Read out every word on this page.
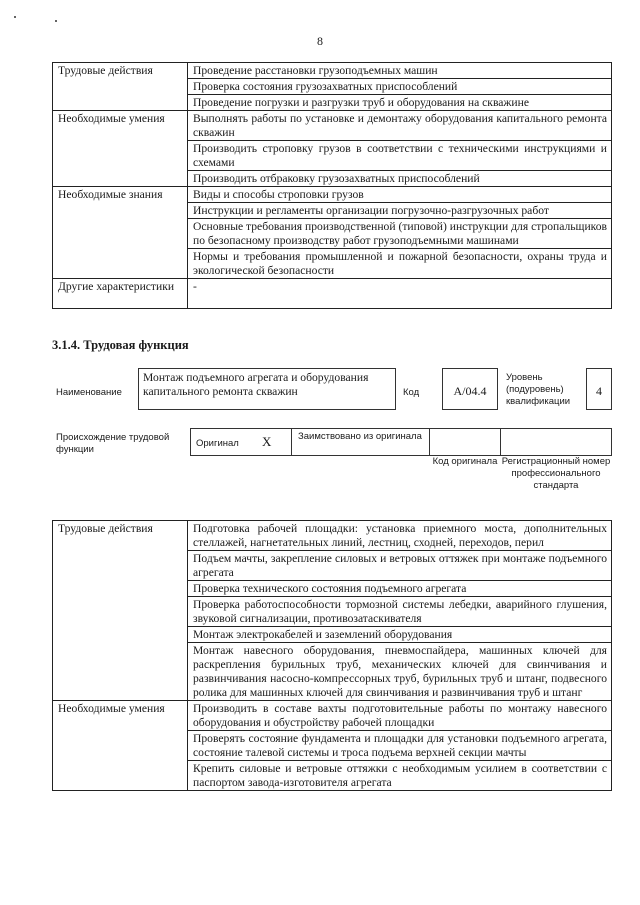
8
Трудовые действия	Проведение расстановки грузоподъемных машин
	Проверка состояния грузозахватных приспособлений
	Проведение погрузки и разгрузки труб и оборудования на скважине
Необходимые умения	Выполнять работы по установке и демонтажу оборудования капитального ремонта скважин
	Производить строповку грузов в соответствии с техническими инструкциями и схемами
	Производить отбраковку грузозахватных приспособлений
Необходимые знания	Виды и способы строповки грузов
	Инструкции и регламенты организации погрузочно-разгрузочных работ
	Основные требования производственной (типовой) инструкции для стропальщиков по безопасному производству работ грузоподъемными машинами
	Нормы и требования промышленной и пожарной безопасности, охраны труда и экологической безопасности
Другие характеристики	-
3.1.4. Трудовая функция
Наименование
Монтаж подъемного агрегата и оборудования капитального ремонта скважин	Код	A/04.4
Уровень (подуровень) квалификации
4
Происхождение трудовой функции
Оригинал X	Заимствовано из оригинала
Код оригинала Регистрационный номер профессионального стандарта
Трудовые действия	Подготовка рабочей площадки: установка приемного моста, дополнительных стеллажей, нагнетательных линий, лестниц, сходней, переходов, перил
	Подъем мачты, закрепление силовых и ветровых оттяжек при монтаже подъемного агрегата
	Проверка технического состояния подъемного агрегата
	Проверка работоспособности тормозной системы лебедки, аварийного глушения, звуковой сигнализации, противозатаскивателя
	Монтаж электрокабелей и заземлений оборудования
	Монтаж навесного оборудования, пневмоспайдера, машинных ключей для раскрепления бурильных труб, механических ключей для свинчивания и развинчивания насосно-компрессорных труб, бурильных труб и штанг, подвесного ролика для машинных ключей для свинчивания и развинчивания труб и штанг
Необходимые умения	Производить в составе вахты подготовительные работы по монтажу навесного оборудования и обустройству рабочей площадки
	Проверять состояние фундамента и площадки для установки подъемного агрегата, состояние талевой системы и троса подъема верхней секции мачты
	Крепить силовые и ветровые оттяжки с необходимым усилием в соответствии с паспортом завода-изготовителя агрегата
